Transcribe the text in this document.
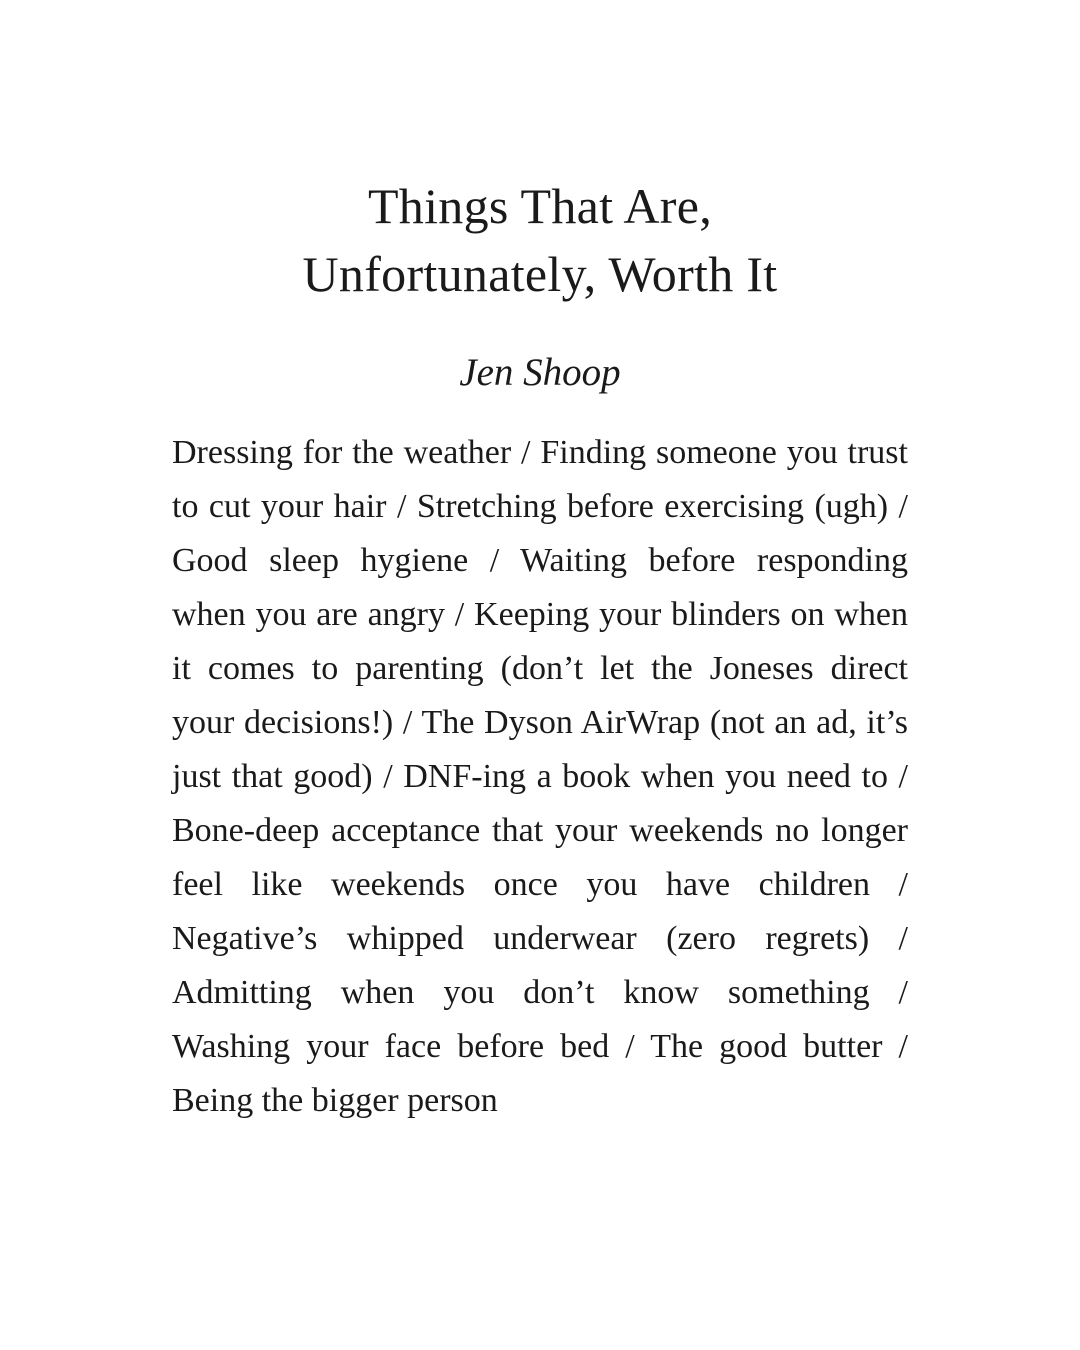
Things That Are,
Unfortunately, Worth It
Jen Shoop

Dressing for the weather / Finding someone you trust to cut your hair / Stretching before exercising (ugh) / Good sleep hygiene / Waiting before responding when you are angry / Keeping your blinders on when it comes to parenting (don’t let the Joneses direct your decisions!) / The Dyson AirWrap (not an ad, it’s just that good) / DNF-ing a book when you need to / Bone-deep acceptance that your weekends no longer feel like weekends once you have children / Negative’s whipped underwear (zero regrets) / Admitting when you don’t know something / Washing your face before bed / The good butter / Being the bigger person
